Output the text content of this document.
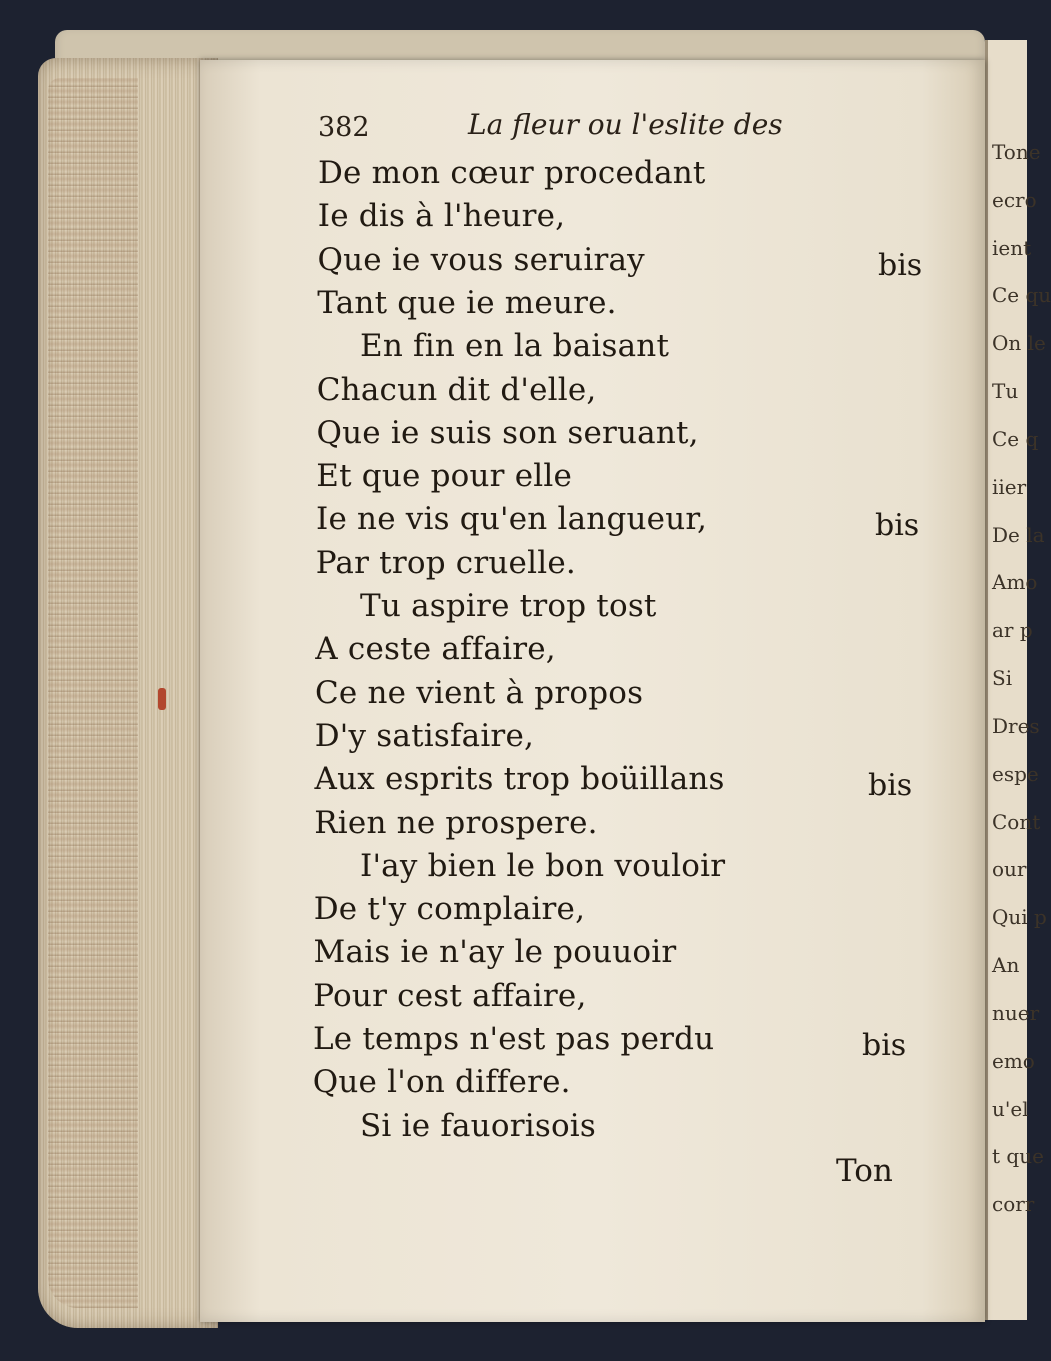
Tone
ecro
ient
Ce qu
On le
Tu
Ce q
iier
De la
Amo
ar p
Si
Dres
espe
Cont
our
Qui p
An
nuer
emo
u'el
t que
corr
382	La fleur ou l'eslite des
De mon cœur procedant
Ie dis à l'heure,
Que ie vous seruiray
Tant que ie meure.
En fin en la baisant
Chacun dit d'elle,
Que ie suis son seruant,
Et que pour elle
Ie ne vis qu'en langueur,
Par trop cruelle.
Tu aspire trop tost
A ceste affaire,
Ce ne vient à propos
D'y satisfaire,
Aux esprits trop boüillans
Rien ne prospere.
I'ay bien le bon vouloir
De t'y complaire,
Mais ie n'ay le pouuoir
Pour cest affaire,
Le temps n'est pas perdu
Que l'on differe.
Si ie fauorisois
bis
bis
bis
bis
Ton
